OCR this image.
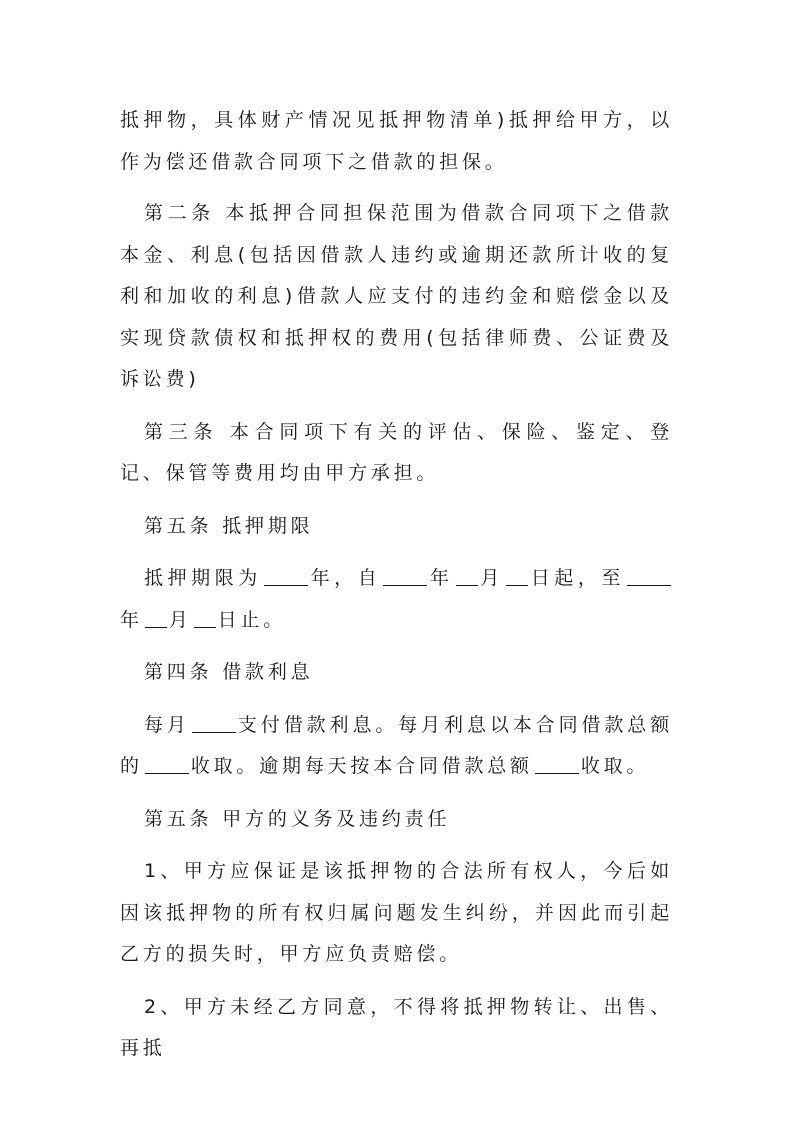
抵押物，具体财产情况见抵押物清单)抵押给甲方，以作为偿还借款合同项下之借款的担保。

第二条 本抵押合同担保范围为借款合同项下之借款本金、利息(包括因借款人违约或逾期还款所计收的复利和加收的利息)借款人应支付的违约金和赔偿金以及实现贷款债权和抵押权的费用(包括律师费、公证费及诉讼费)

第三条 本合同项下有关的评估、保险、鉴定、登记、保管等费用均由甲方承担。

第五条 抵押期限

抵押期限为	年，自	年 月 日起，至年 月 日止。

第四条 借款利息

每月	支付借款利息。每月利息以本合同借款总额的	收取。逾期每天按本合同借款总额	收取。

第五条 甲方的义务及违约责任

1、甲方应保证是该抵押物的合法所有权人，今后如因该抵押物的所有权归属问题发生纠纷，并因此而引起乙方的损失时，甲方应负责赔偿。

2、甲方未经乙方同意，不得将抵押物转让、出售、再抵
